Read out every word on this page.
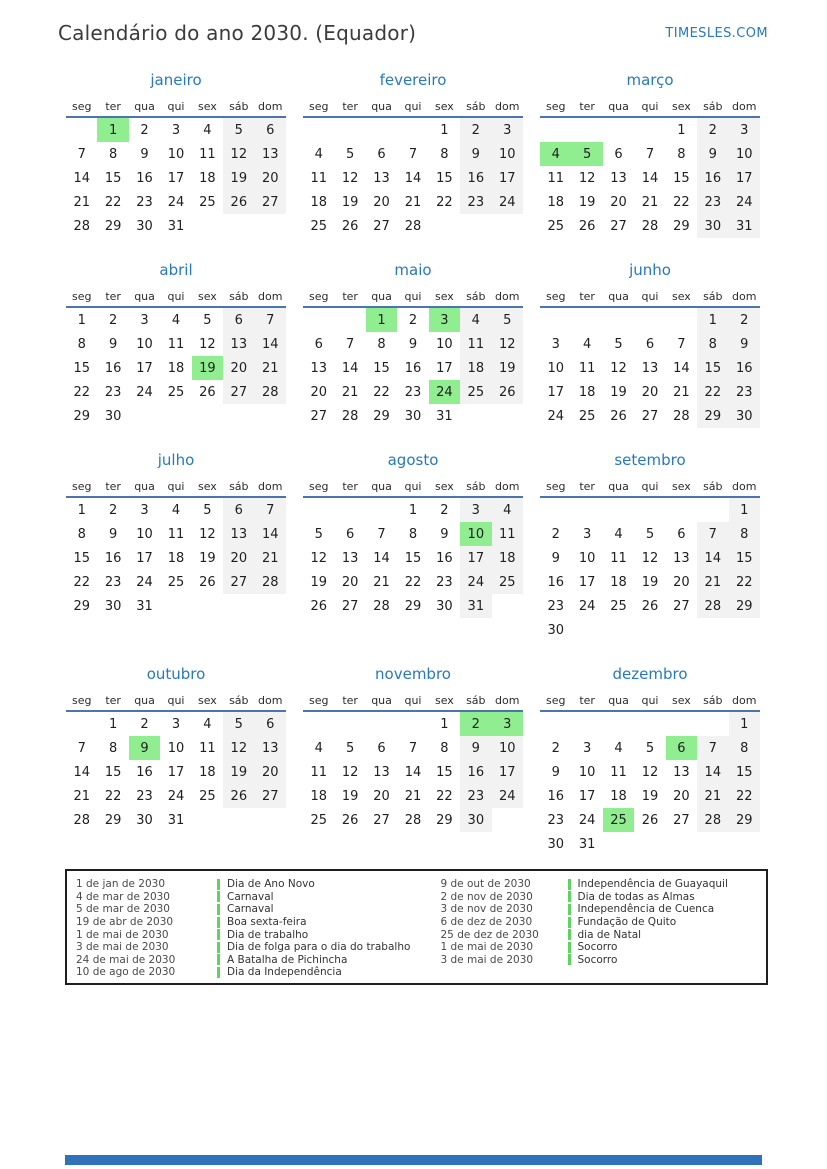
Calendário do ano 2030. (Equador)	TIMESLES.COM
janeiro
seg	ter	qua	qui	sex	sáb	dom
	1	2	3	4	5	6
7	8	9	10	11	12	13
14	15	16	17	18	19	20
21	22	23	24	25	26	27
28	29	30	31			
fevereiro
seg	ter	qua	qui	sex	sáb	dom
				1	2	3
4	5	6	7	8	9	10
11	12	13	14	15	16	17
18	19	20	21	22	23	24
25	26	27	28			
março
seg	ter	qua	qui	sex	sáb	dom
				1	2	3
4	5	6	7	8	9	10
11	12	13	14	15	16	17
18	19	20	21	22	23	24
25	26	27	28	29	30	31
abril
seg	ter	qua	qui	sex	sáb	dom
1	2	3	4	5	6	7
8	9	10	11	12	13	14
15	16	17	18	19	20	21
22	23	24	25	26	27	28
29	30					
maio
seg	ter	qua	qui	sex	sáb	dom
		1	2	3	4	5
6	7	8	9	10	11	12
13	14	15	16	17	18	19
20	21	22	23	24	25	26
27	28	29	30	31		
junho
seg	ter	qua	qui	sex	sáb	dom
					1	2
3	4	5	6	7	8	9
10	11	12	13	14	15	16
17	18	19	20	21	22	23
24	25	26	27	28	29	30
julho
seg	ter	qua	qui	sex	sáb	dom
1	2	3	4	5	6	7
8	9	10	11	12	13	14
15	16	17	18	19	20	21
22	23	24	25	26	27	28
29	30	31				
agosto
seg	ter	qua	qui	sex	sáb	dom
			1	2	3	4
5	6	7	8	9	10	11
12	13	14	15	16	17	18
19	20	21	22	23	24	25
26	27	28	29	30	31	
setembro
seg	ter	qua	qui	sex	sáb	dom
						1
2	3	4	5	6	7	8
9	10	11	12	13	14	15
16	17	18	19	20	21	22
23	24	25	26	27	28	29
30						
outubro
seg	ter	qua	qui	sex	sáb	dom
	1	2	3	4	5	6
7	8	9	10	11	12	13
14	15	16	17	18	19	20
21	22	23	24	25	26	27
28	29	30	31			
novembro
seg	ter	qua	qui	sex	sáb	dom
				1	2	3
4	5	6	7	8	9	10
11	12	13	14	15	16	17
18	19	20	21	22	23	24
25	26	27	28	29	30	
dezembro
seg	ter	qua	qui	sex	sáb	dom
						1
2	3	4	5	6	7	8
9	10	11	12	13	14	15
16	17	18	19	20	21	22
23	24	25	26	27	28	29
30	31					
1 de jan de 2030	Dia de Ano Novo
4 de mar de 2030	Carnaval
5 de mar de 2030	Carnaval
19 de abr de 2030	Boa sexta-feira
1 de mai de 2030	Dia de trabalho
3 de mai de 2030	Dia de folga para o dia do trabalho
24 de mai de 2030	A Batalha de Pichincha
10 de ago de 2030	Dia da Independência
9 de out de 2030	Independência de Guayaquil
2 de nov de 2030	Dia de todas as Almas
3 de nov de 2030	Independência de Cuenca
6 de dez de 2030	Fundação de Quito
25 de dez de 2030	dia de Natal
1 de mai de 2030	Socorro
3 de mai de 2030	Socorro
